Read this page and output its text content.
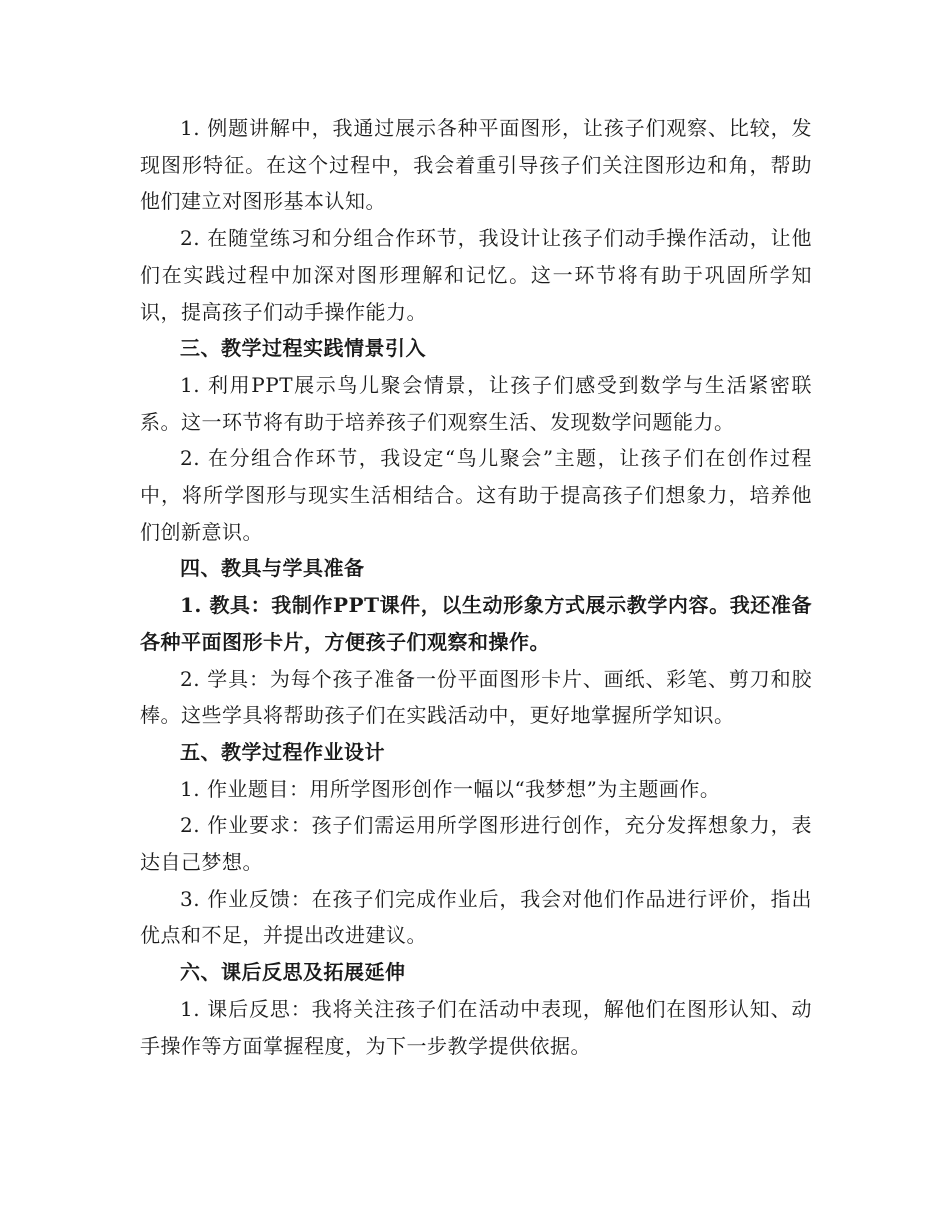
1. 例题讲解中，我通过展示各种平面图形，让孩子们观察、比较，发现图形特征。在这个过程中，我会着重引导孩子们关注图形边和角，帮助他们建立对图形基本认知。

2. 在随堂练习和分组合作环节，我设计让孩子们动手操作活动，让他们在实践过程中加深对图形理解和记忆。这一环节将有助于巩固所学知识，提高孩子们动手操作能力。

三、教学过程实践情景引入

1. 利用PPT展示鸟儿聚会情景，让孩子们感受到数学与生活紧密联系。这一环节将有助于培养孩子们观察生活、发现数学问题能力。

2. 在分组合作环节，我设定“鸟儿聚会”主题，让孩子们在创作过程中，将所学图形与现实生活相结合。这有助于提高孩子们想象力，培养他们创新意识。

四、教具与学具准备

1. 教具：我制作PPT课件，以生动形象方式展示教学内容。我还准备各种平面图形卡片，方便孩子们观察和操作。

2. 学具：为每个孩子准备一份平面图形卡片、画纸、彩笔、剪刀和胶棒。这些学具将帮助孩子们在实践活动中，更好地掌握所学知识。

五、教学过程作业设计

1. 作业题目：用所学图形创作一幅以“我梦想”为主题画作。

2. 作业要求：孩子们需运用所学图形进行创作，充分发挥想象力，表达自己梦想。

3. 作业反馈：在孩子们完成作业后，我会对他们作品进行评价，指出优点和不足，并提出改进建议。

六、课后反思及拓展延伸

1. 课后反思：我将关注孩子们在活动中表现，解他们在图形认知、动手操作等方面掌握程度，为下一步教学提供依据。
